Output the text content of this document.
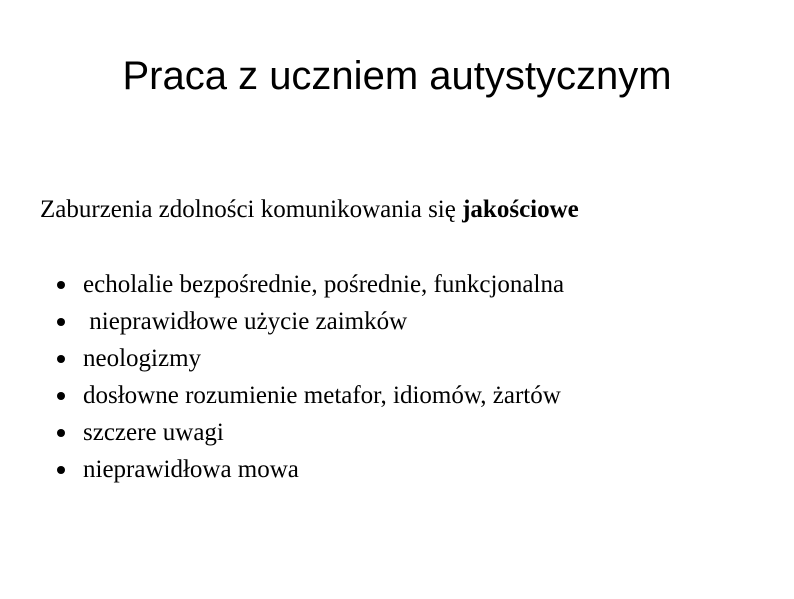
Praca z uczniem autystycznym
Zaburzenia zdolności komunikowania się jakościowe

echolalie bezpośrednie, pośrednie, funkcjonalna

nieprawidłowe użycie zaimków

neologizmy

dosłowne rozumienie metafor, idiomów, żartów

szczere uwagi

nieprawidłowa mowa
